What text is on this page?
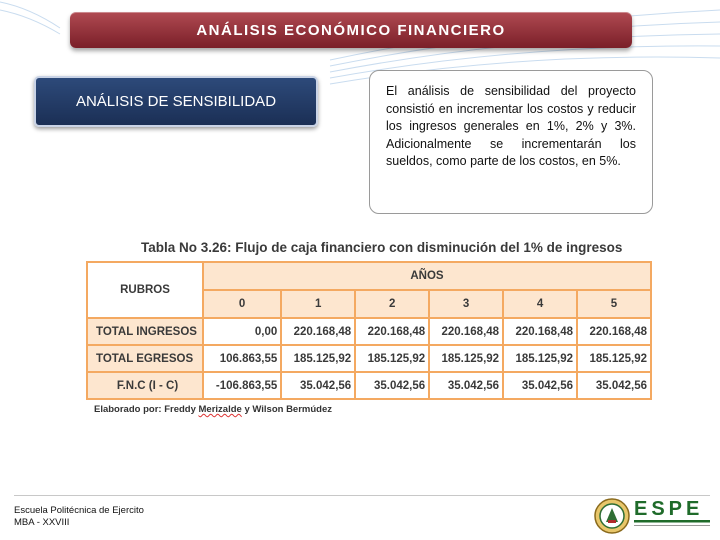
ANÁLISIS ECONÓMICO FINANCIERO
ANÁLISIS DE SENSIBILIDAD
El análisis de sensibilidad del proyecto consistió en incrementar los costos y reducir los ingresos generales en 1%, 2% y 3%. Adicionalmente se incrementarán los sueldos, como parte de los costos, en 5%.
Tabla No 3.26: Flujo de caja financiero con disminución del 1% de ingresos
RUBROS	AÑOS					
	0	1	2	3	4	5
TOTAL INGRESOS	0,00	220.168,48	220.168,48	220.168,48	220.168,48	220.168,48
TOTAL EGRESOS	106.863,55	185.125,92	185.125,92	185.125,92	185.125,92	185.125,92
F.N.C (I - C)	-106.863,55	35.042,56	35.042,56	35.042,56	35.042,56	35.042,56
Elaborado por: Freddy Merizalde y Wilson Bermúdez
Escuela Politécnica de Ejercito
MBA - XXVIII
ESPE
